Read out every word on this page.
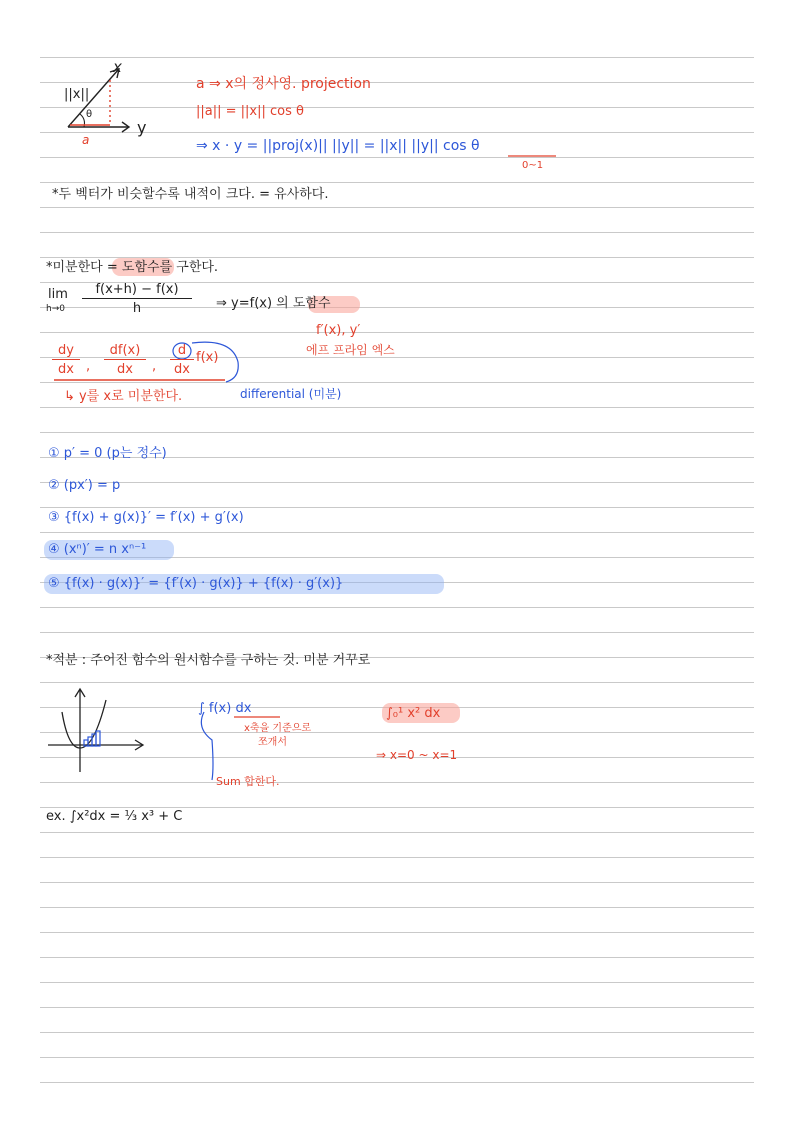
||x||
x
θ
a
y
a ⇒ x의 정사영. projection
||a|| = ||x|| cos θ
⇒ x · y = ||proj(x)|| ||y|| = ||x|| ||y|| cos θ
0~1
*두 벡터가 비슷할수록 내적이 크다. = 유사하다.
*미분한다 = 도함수를 구한다.
lim
h→0
f(x+h) − f(x)
h	⇒ y=f(x) 의 도함수
f′(x), y′
에프 프라임 엑스
dy
dx ,
df(x)
dx	,
d
dx
f(x)
differential (미분)
↳ y를 x로 미분한다.
① p′ = 0 (p는 정수)
② (px′) = p
③ {f(x) + g(x)}′ = f′(x) + g′(x)
④ (xⁿ)′ = n xⁿ⁻¹
⑤ {f(x) · g(x)}′ = {f′(x) · g(x)} + {f(x) · g′(x)}
*적분 : 주어진 함수의 원시함수를 구하는 것. 미분 거꾸로
∫ f(x) dx
x축을 기준으로
쪼개서
Sum 합한다.
∫₀¹ x² dx
⇒ x=0 ~ x=1
ex. ∫x²dx = ⅓ x³ + C
